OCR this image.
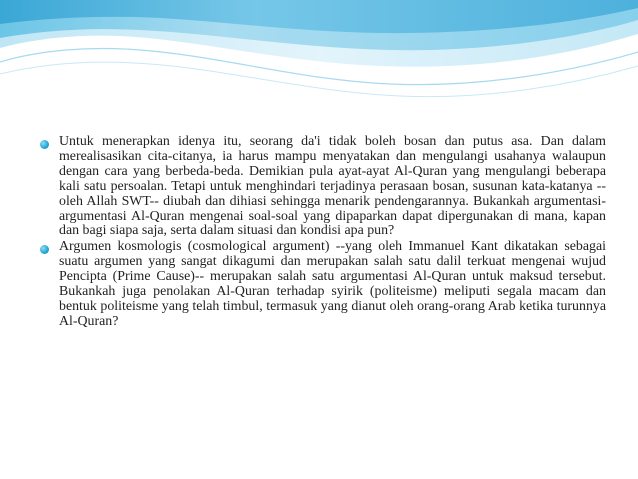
Untuk menerapkan idenya itu, seorang da'i tidak boleh bosan dan putus asa. Dan dalam merealisasikan cita-citanya, ia harus mampu menyatakan dan mengulangi usahanya walaupun dengan cara yang berbeda-beda. Demikian pula ayat-ayat Al-Quran yang mengulangi beberapa kali satu persoalan. Tetapi untuk menghindari terjadinya perasaan bosan, susunan kata-katanya --oleh Allah SWT-- diubah dan dihiasi sehingga menarik pendengarannya. Bukankah argumentasi-argumentasi Al-Quran mengenai soal-soal yang dipaparkan dapat dipergunakan di mana, kapan dan bagi siapa saja, serta dalam situasi dan kondisi apa pun?

Argumen kosmologis (cosmological argument) --yang oleh Immanuel Kant dikatakan sebagai suatu argumen yang sangat dikagumi dan merupakan salah satu dalil terkuat mengenai wujud Pencipta (Prime Cause)-- merupakan salah satu argumentasi Al-Quran untuk maksud tersebut. Bukankah juga penolakan Al-Quran terhadap syirik (politeisme) meliputi segala macam dan bentuk politeisme yang telah timbul, termasuk yang dianut oleh orang-orang Arab ketika turunnya Al-Quran?
